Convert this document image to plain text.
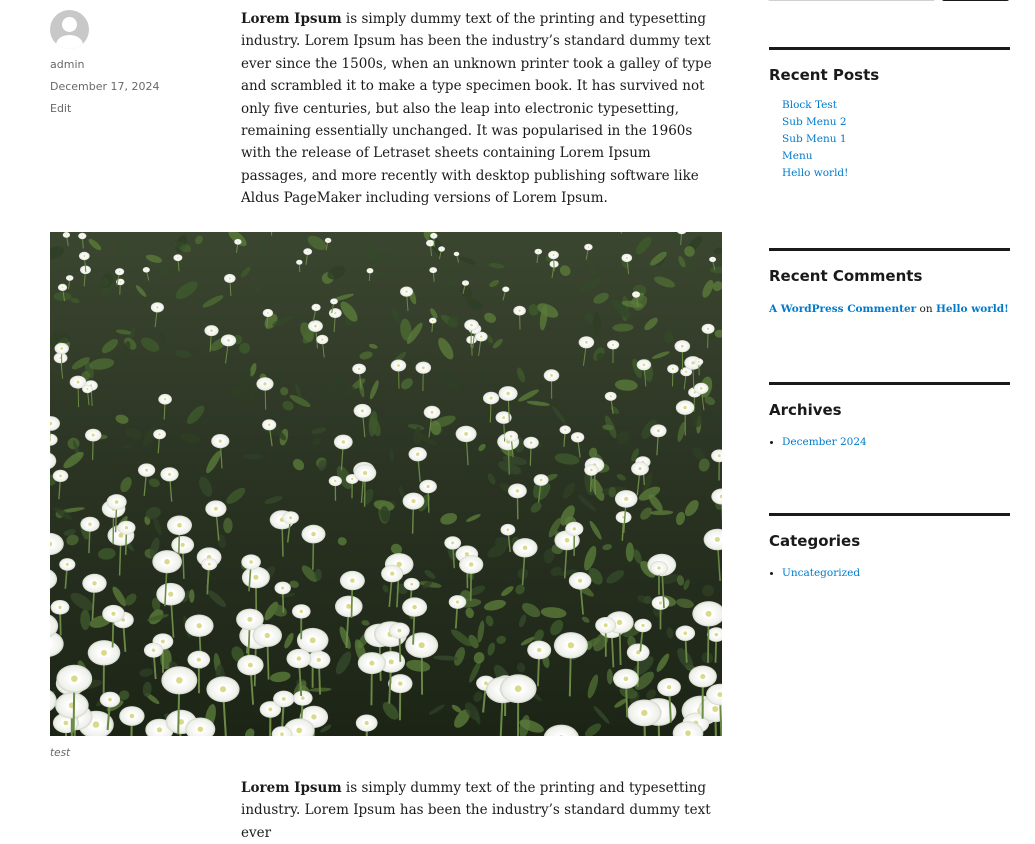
admin
December 17, 2024
Edit

Lorem Ipsum is simply dummy text of the printing and typesetting industry. Lorem Ipsum has been the industry’s standard dummy text ever since the 1500s, when an unknown printer took a galley of type and scrambled it to make a type specimen book. It has survived not only five centuries, but also the leap into electronic typesetting, remaining essentially unchanged. It was popularised in the 1960s with the release of Letraset sheets containing Lorem Ipsum passages, and more recently with desktop publishing software like Aldus PageMaker including versions of Lorem Ipsum.

test

Lorem Ipsum is simply dummy text of the printing and typesetting industry. Lorem Ipsum has been the industry’s standard dummy text ever

Recent Posts
Block Test
Sub Menu 2
Sub Menu 1
Menu
Hello world!
Recent Comments
A WordPress Commenter on Hello world!
Archives
December 2024
Categories
Uncategorized
